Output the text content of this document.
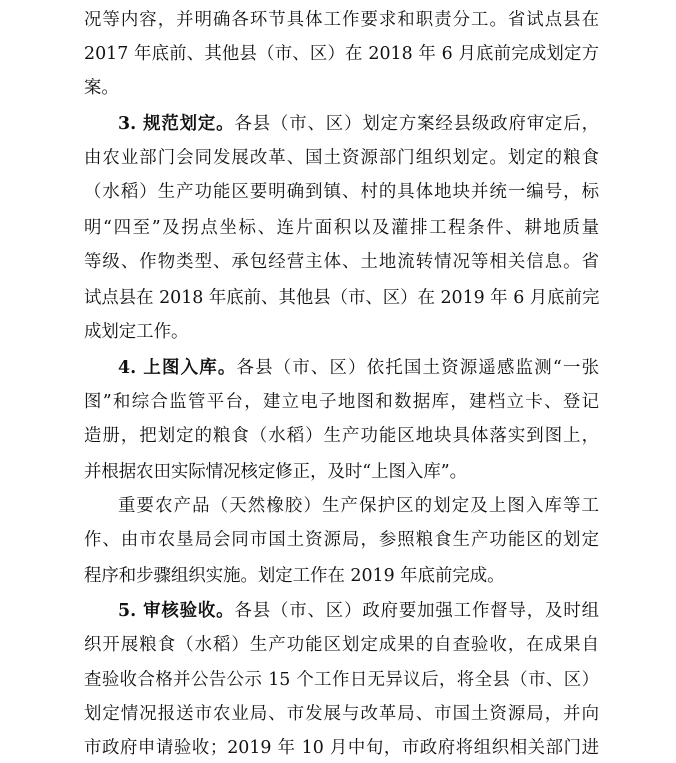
况等内容，并明确各环节具体工作要求和职责分工。省试点县在
2017 年底前、其他县（市、区）在 2018 年 6 月底前完成划定方
案。
3. 规范划定。各县（市、区）划定方案经县级政府审定后，
由农业部门会同发展改革、国土资源部门组织划定。划定的粮食
（水稻）生产功能区要明确到镇、村的具体地块并统一编号，标
明“四至”及拐点坐标、连片面积以及灌排工程条件、耕地质量
等级、作物类型、承包经营主体、土地流转情况等相关信息。省
试点县在 2018 年底前、其他县（市、区）在 2019 年 6 月底前完
成划定工作。
4. 上图入库。各县（市、区）依托国土资源遥感监测“一张
图”和综合监管平台，建立电子地图和数据库，建档立卡、登记
造册，把划定的粮食（水稻）生产功能区地块具体落实到图上，
并根据农田实际情况核定修正，及时“上图入库”。
重要农产品（天然橡胶）生产保护区的划定及上图入库等工
作、由市农垦局会同市国土资源局，参照粮食生产功能区的划定
程序和步骤组织实施。划定工作在 2019 年底前完成。
5. 审核验收。各县（市、区）政府要加强工作督导，及时组
织开展粮食（水稻）生产功能区划定成果的自查验收，在成果自
查验收合格并公告公示 15 个工作日无异议后，将全县（市、区）
划定情况报送市农业局、市发展与改革局、市国土资源局，并向
市政府申请验收；2019 年 10 月中旬，市政府将组织相关部门进
